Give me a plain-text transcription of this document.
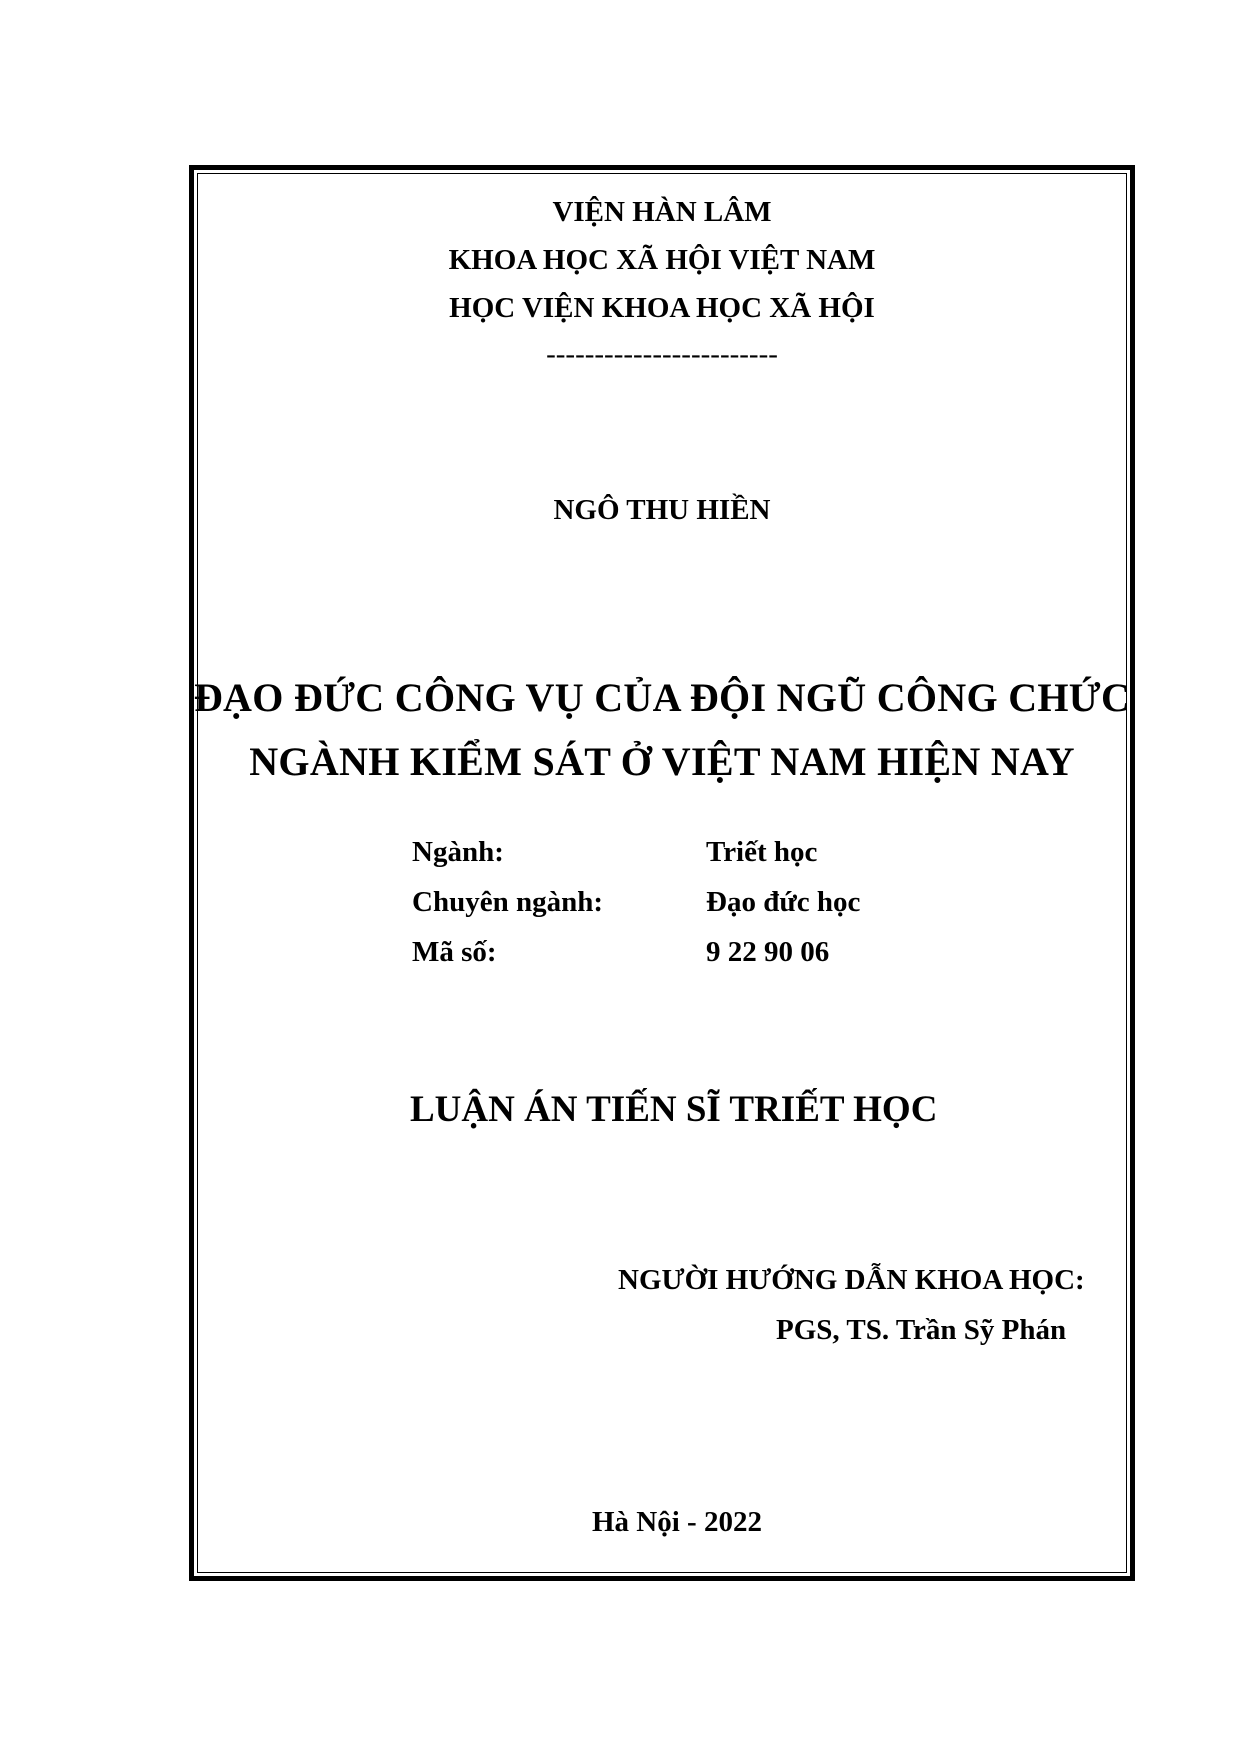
VIỆN HÀN LÂM
KHOA HỌC XÃ HỘI VIỆT NAM
HỌC VIỆN KHOA HỌC XÃ HỘI
------------------------
NGÔ THU HIỀN
ĐẠO ĐỨC CÔNG VỤ CỦA ĐỘI NGŨ CÔNG CHỨC
NGÀNH KIỂM SÁT Ở VIỆT NAM HIỆN NAY
Ngành:	Triết học
Chuyên ngành:	Đạo đức học
Mã số:	9 22 90 06
LUẬN ÁN TIẾN SĨ TRIẾT HỌC
NGƯỜI HƯỚNG DẪN KHOA HỌC:
PGS, TS. Trần Sỹ Phán
Hà Nội - 2022
